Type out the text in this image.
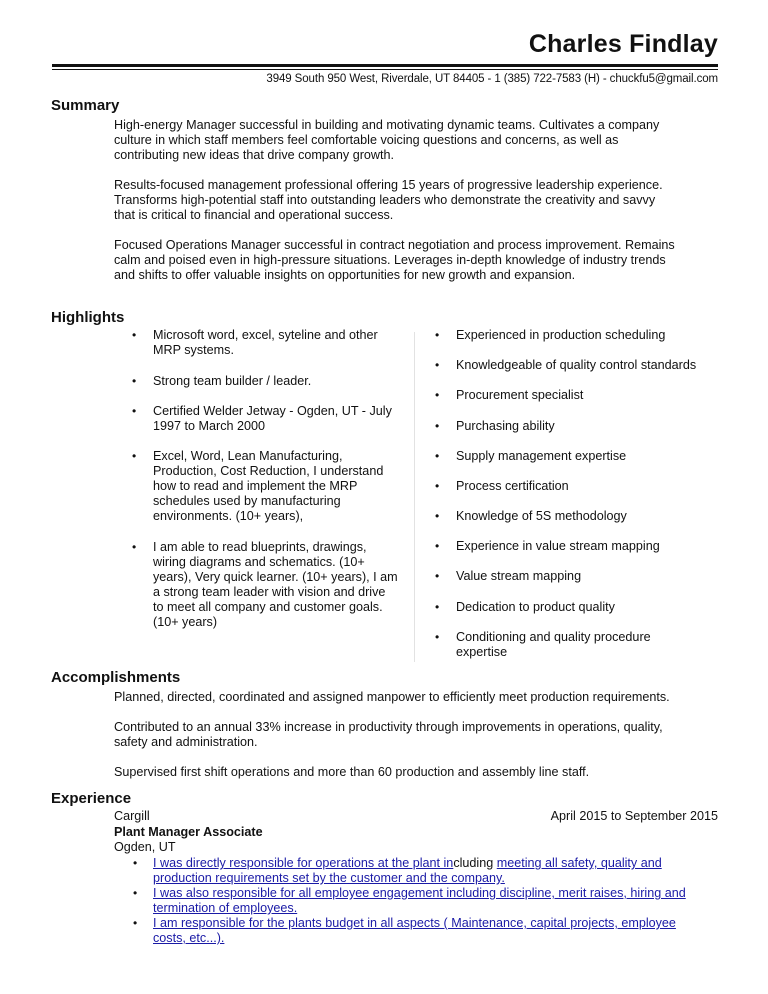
Charles Findlay
3949 South 950 West, Riverdale, UT 84405 - 1 (385) 722-7583 (H) - chuckfu5@gmail.com
Summary

High-energy Manager successful in building and motivating dynamic teams. Cultivates a company
culture in which staff members feel comfortable voicing questions and concerns, as well as
contributing new ideas that drive company growth.

Results-focused management professional offering 15 years of progressive leadership experience.
Transforms high-potential staff into outstanding leaders who demonstrate the creativity and savvy
that is critical to financial and operational success.

Focused Operations Manager successful in contract negotiation and process improvement. Remains
calm and poised even in high-pressure situations. Leverages in-depth knowledge of industry trends
and shifts to offer valuable insights on opportunities for new growth and expansion.

Highlights
• Microsoft word, excel, syteline and other
MRP systems.
• Strong team builder / leader.
• Certified Welder Jetway - Ogden, UT - July
1997 to March 2000
• Excel, Word, Lean Manufacturing,
Production, Cost Reduction, I understand
how to read and implement the MRP
schedules used by manufacturing
environments. (10+ years),
• I am able to read blueprints, drawings,
wiring diagrams and schematics. (10+
years), Very quick learner. (10+ years), I am
a strong team leader with vision and drive
to meet all company and customer goals.
(10+ years)
• Experienced in production scheduling
• Knowledgeable of quality control standards
• Procurement specialist
• Purchasing ability
• Supply management expertise
• Process certification
• Knowledge of 5S methodology
• Experience in value stream mapping
• Value stream mapping
• Dedication to product quality
• Conditioning and quality procedure
expertise
Accomplishments

Planned, directed, coordinated and assigned manpower to efficiently meet production requirements.

Contributed to an annual 33% increase in productivity through improvements in operations, quality,
safety and administration.

Supervised first shift operations and more than 60 production and assembly line staff.

Experience
Cargill	April 2015 to September 2015
Plant Manager Associate
Ogden, UT
• I was directly responsible for operations at the plant including meeting all safety, quality and
production requirements set by the customer and the company.
• I was also responsible for all employee engagement including discipline, merit raises, hiring and
termination of employees.
• I am responsible for the plants budget in all aspects ( Maintenance, capital projects, employee
costs, etc...).
